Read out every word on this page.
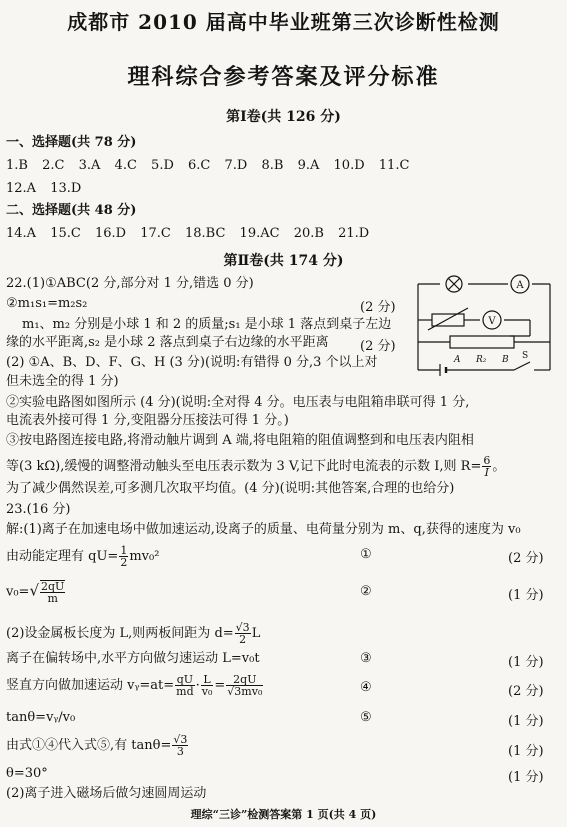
成都市 2010 届高中毕业班第三次诊断性检测
理科综合参考答案及评分标准
第Ⅰ卷(共 126 分)
一、选择题(共 78 分)
1.B 2.C 3.A 4.C 5.D 6.C 7.D 8.B 9.A 10.D 11.C
12.A 13.D
二、选择题(共 48 分)
14.A 15.C 16.D 17.C 18.BC 19.AC 20.B 21.D
第Ⅱ卷(共 174 分)
22.(1)①ABC(2 分,部分对 1 分,错选 0 分)
②m₁s₁=m₂s₂	(2 分)
m₁、m₂ 分别是小球 1 和 2 的质量;s₁ 是小球 1 落点到桌子左边
缘的水平距离,s₂ 是小球 2 落点到桌子右边缘的水平距离 (2 分)
(2) ①A、B、D、F、G、H (3 分)(说明:有错得 0 分,3 个以上对
但未选全的得 1 分)
A
V
A R₂ B S
②实验电路图如图所示 (4 分)(说明:全对得 4 分。电压表与电阻箱串联可得 1 分,
电流表外接可得 1 分,变阻器分压接法可得 1 分。)
③按电路图连接电路,将滑动触片调到 A 端,将电阻箱的阻值调整到和电压表内阻相
等(3 kΩ),缓慢的调整滑动触头至电压表示数为 3 V,记下此时电流表的示数 I,则 $R= \frac{6}{I}$ 。
为了减少偶然误差,可多测几次取平均值。(4 分)(说明:其他答案,合理的也给分)
23.(16 分)
解:(1)离子在加速电场中做加速运动,设离子的质量、电荷量分别为 m、q,获得的速度为 v₀
由动能定理有 $qU= \frac{1}{2} mv_0^2$	①	(2 分)
$v_0=√ \frac{2qU}{m}$	②	(1 分)
(2)设金属板长度为 L,则两板间距为 $d= \frac{√3}{2}$ L
离子在偏转场中,水平方向做匀速运动 L=v₀t	③	(1 分)
竖直方向做加速运动 vᵧ=at= $\frac{qU}{md} \cdot \frac{L}{\text{v₀}} = \frac{2qU}{\text{√3mv₀}}$	④	(2 分)
tanθ=vᵧ/v₀	⑤	(1 分)
由式①④代入式⑤,有 $\tan\theta= \frac{√3}{3}$	(1 分)
θ=30°	(1 分)
(2)离子进入磁场后做匀速圆周运动
理综“三诊”检测答案第 1 页(共 4 页)
